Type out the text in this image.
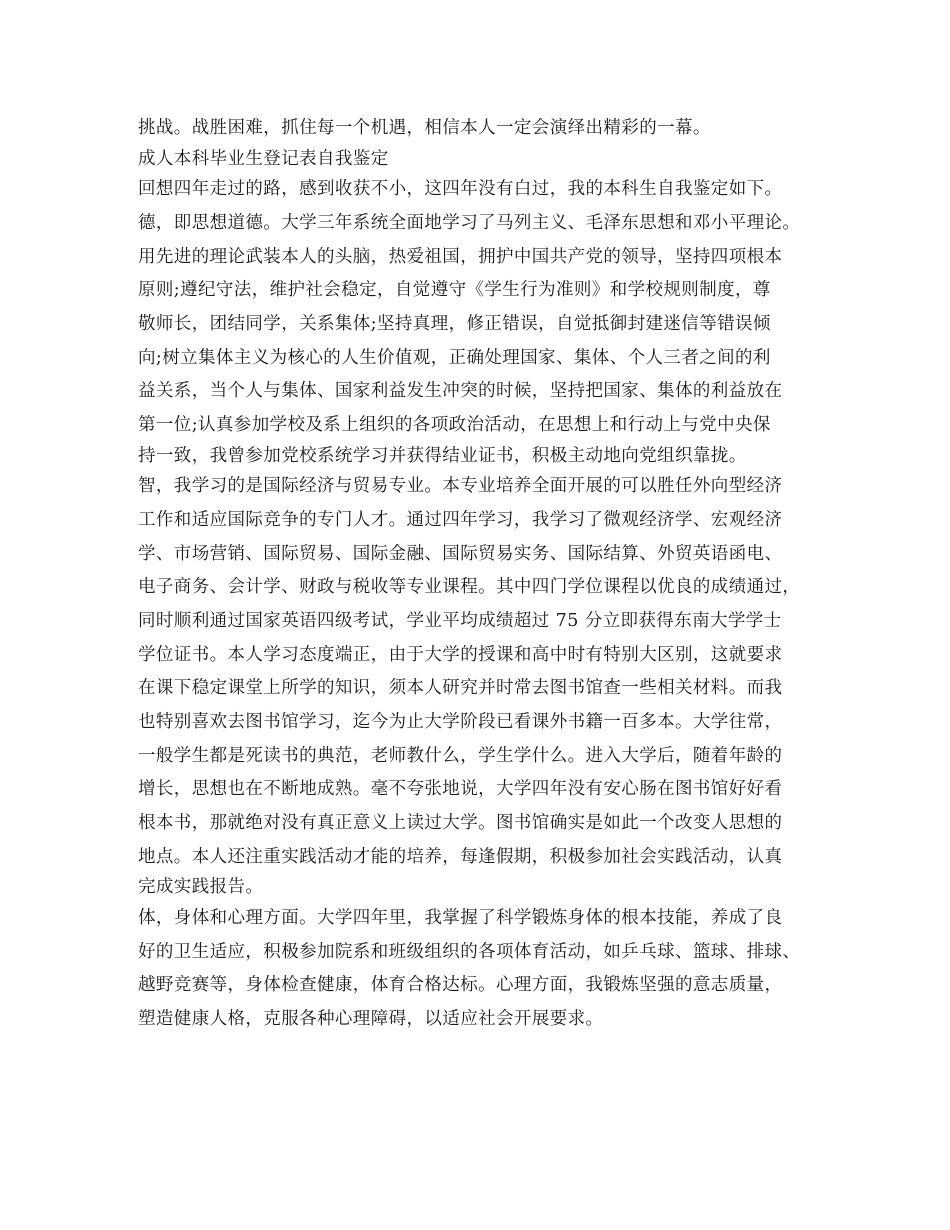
挑战。战胜困难，抓住每一个机遇，相信本人一定会演绎出精彩的一幕。
成人本科毕业生登记表自我鉴定
回想四年走过的路，感到收获不小，这四年没有白过，我的本科生自我鉴定如下。
德，即思想道德。大学三年系统全面地学习了马列主义、毛泽东思想和邓小平理论。
用先进的理论武装本人的头脑，热爱祖国，拥护中国共产党的领导，坚持四项根本
原则;遵纪守法，维护社会稳定，自觉遵守《学生行为准则》和学校规则制度，尊
敬师长，团结同学，关系集体;坚持真理，修正错误，自觉抵御封建迷信等错误倾
向;树立集体主义为核心的人生价值观，正确处理国家、集体、个人三者之间的利
益关系，当个人与集体、国家利益发生冲突的时候，坚持把国家、集体的利益放在
第一位;认真参加学校及系上组织的各项政治活动，在思想上和行动上与党中央保
持一致，我曾参加党校系统学习并获得结业证书，积极主动地向党组织靠拢。
智，我学习的是国际经济与贸易专业。本专业培养全面开展的可以胜任外向型经济
工作和适应国际竞争的专门人才。通过四年学习，我学习了微观经济学、宏观经济
学、市场营销、国际贸易、国际金融、国际贸易实务、国际结算、外贸英语函电、
电子商务、会计学、财政与税收等专业课程。其中四门学位课程以优良的成绩通过，
同时顺利通过国家英语四级考试，学业平均成绩超过 75 分立即获得东南大学学士
学位证书。本人学习态度端正，由于大学的授课和高中时有特别大区别，这就要求
在课下稳定课堂上所学的知识，须本人研究并时常去图书馆查一些相关材料。而我
也特别喜欢去图书馆学习，迄今为止大学阶段已看课外书籍一百多本。大学往常，
一般学生都是死读书的典范，老师教什么，学生学什么。进入大学后，随着年龄的
增长，思想也在不断地成熟。毫不夸张地说，大学四年没有安心肠在图书馆好好看
根本书，那就绝对没有真正意义上读过大学。图书馆确实是如此一个改变人思想的
地点。本人还注重实践活动才能的培养，每逢假期，积极参加社会实践活动，认真
完成实践报告。
体，身体和心理方面。大学四年里，我掌握了科学锻炼身体的根本技能，养成了良
好的卫生适应，积极参加院系和班级组织的各项体育活动，如乒乓球、篮球、排球、
越野竞赛等，身体检查健康，体育合格达标。心理方面，我锻炼坚强的意志质量，
塑造健康人格，克服各种心理障碍，以适应社会开展要求。
